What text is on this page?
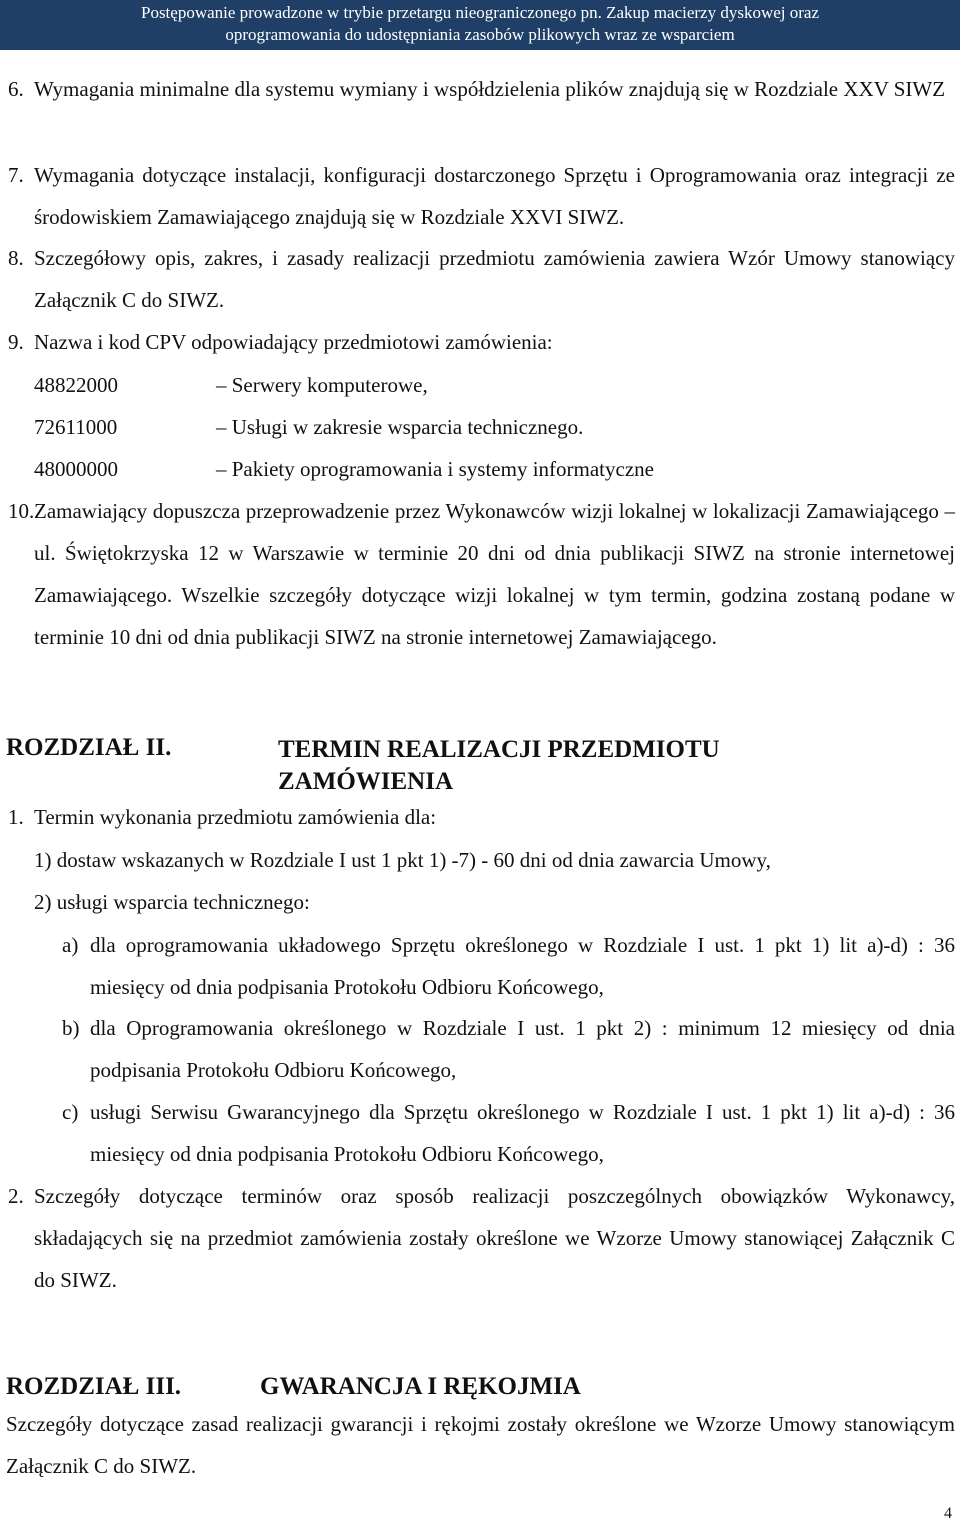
Postępowanie prowadzone w trybie przetargu nieograniczonego pn. Zakup macierzy dyskowej oraz
oprogramowania do udostępniania zasobów plikowych wraz ze wsparciem
6. Wymagania minimalne dla systemu wymiany i współdzielenia plików znajdują się w Rozdziale XXV SIWZ
7. Wymagania dotyczące instalacji, konfiguracji dostarczonego Sprzętu i Oprogramowania oraz integracji ze środowiskiem Zamawiającego znajdują się w Rozdziale XXVI SIWZ.
8. Szczegółowy opis, zakres, i zasady realizacji przedmiotu zamówienia zawiera Wzór Umowy stanowiący Załącznik C do SIWZ.
9. Nazwa i kod CPV odpowiadający przedmiotowi zamówienia:
48822000	– Serwery komputerowe,
72611000	– Usługi w zakresie wsparcia technicznego.
48000000	– Pakiety oprogramowania i systemy informatyczne
10. Zamawiający dopuszcza przeprowadzenie przez Wykonawców wizji lokalnej w lokalizacji Zamawiającego – ul. Świętokrzyska 12 w Warszawie w terminie 20 dni od dnia publikacji SIWZ na stronie internetowej Zamawiającego. Wszelkie szczegóły dotyczące wizji lokalnej w tym termin, godzina zostaną podane w terminie 10 dni od dnia publikacji SIWZ na stronie internetowej Zamawiającego.
ROZDZIAŁ II.	TERMIN REALIZACJI PRZEDMIOTU ZAMÓWIENIA
1. Termin wykonania przedmiotu zamówienia dla:
1) dostaw wskazanych w Rozdziale I ust 1 pkt 1) -7) - 60 dni od dnia zawarcia Umowy,
2) usługi wsparcia technicznego:
a) dla oprogramowania układowego Sprzętu określonego w Rozdziale I ust. 1 pkt 1) lit a)-d) : 36 miesięcy od dnia podpisania Protokołu Odbioru Końcowego,
b) dla Oprogramowania określonego w Rozdziale I ust. 1 pkt 2) : minimum 12 miesięcy od dnia podpisania Protokołu Odbioru Końcowego,
c) usługi Serwisu Gwarancyjnego dla Sprzętu określonego w Rozdziale I ust. 1 pkt 1) lit a)-d) : 36 miesięcy od dnia podpisania Protokołu Odbioru Końcowego,
2. Szczegóły dotyczące terminów oraz sposób realizacji poszczególnych obowiązków Wykonawcy, składających się na przedmiot zamówienia zostały określone we Wzorze Umowy stanowiącej Załącznik C do SIWZ.
ROZDZIAŁ III.	GWARANCJA I RĘKOJMIA
Szczegóły dotyczące zasad realizacji gwarancji i rękojmi zostały określone we Wzorze Umowy stanowiącym Załącznik C do SIWZ.
4
